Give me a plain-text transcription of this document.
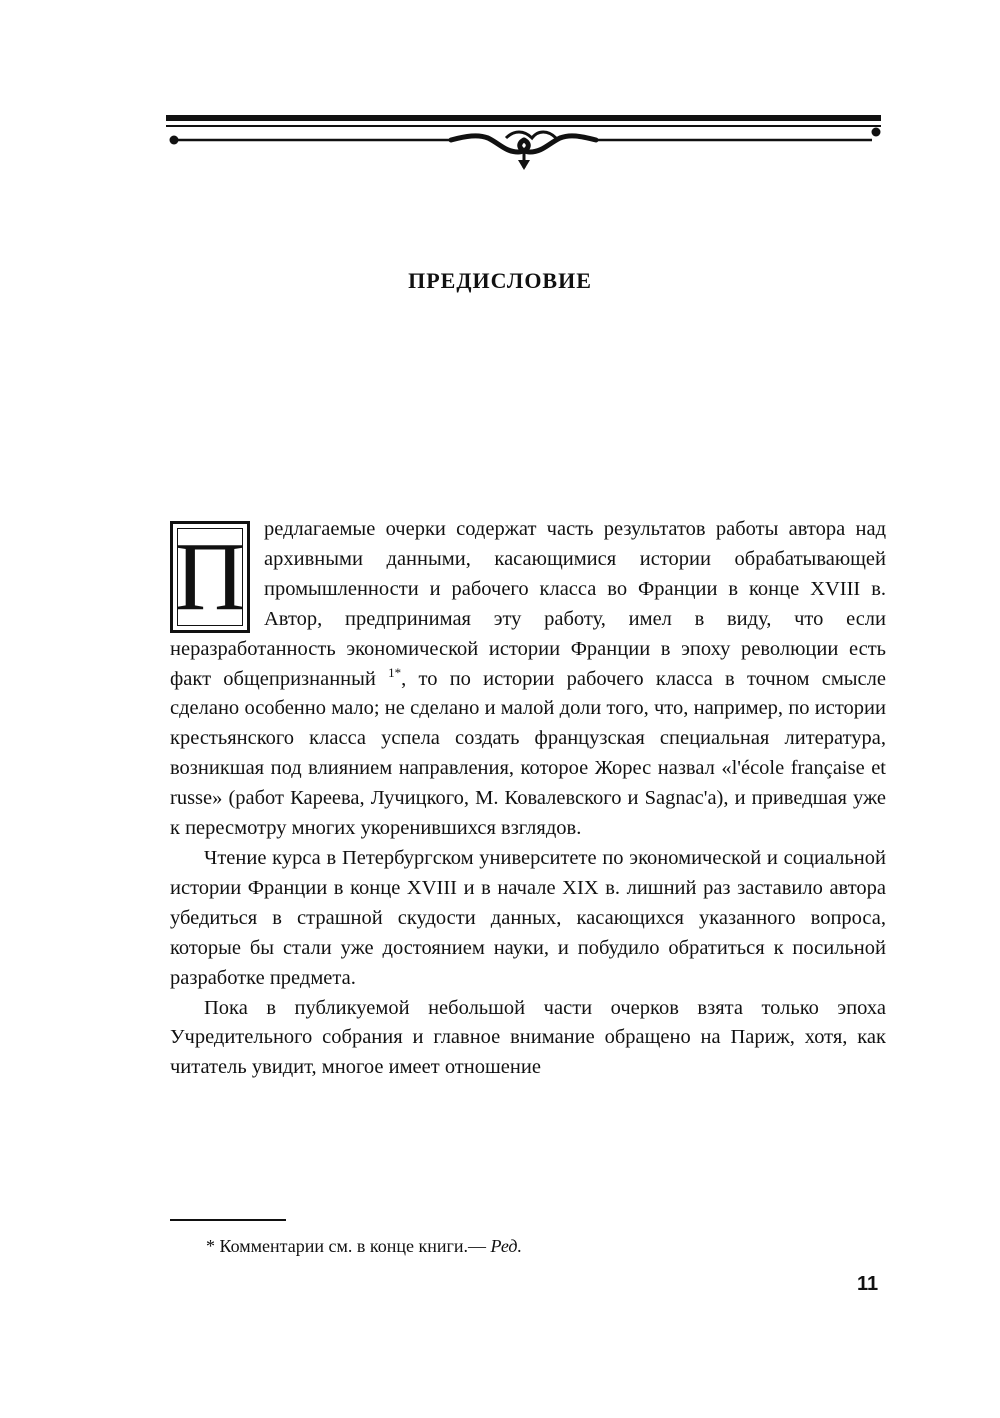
ПРЕДИСЛОВИЕ

П редлагаемые очерки содержат часть результатов работы автора над архивными данными, касающимися истории обрабатывающей промышленности и рабочего класса во Франции в конце XVIII в. Автор, предпринимая эту работу, имел в виду, что если неразработанность экономической истории Франции в эпоху революции есть факт общепризнанный $^{1*}$, то по истории рабочего класса в точном смысле сделано особенно мало; не сделано и малой доли того, что, например, по истории крестьянского класса успела создать французская специальная литература, возникшая под влиянием направления, которое Жорес назвал «l'école française et russe» (работ Кареева, Лучицкого, М. Ковалевского и Sagnac'a), и приведшая уже к пересмотру многих укоренившихся взглядов.

Чтение курса в Петербургском университете по экономической и социальной истории Франции в конце XVIII и в начале XIX в. лишний раз заставило автора убедиться в страшной скудости данных, касающихся указанного вопроса, которые бы стали уже достоянием науки, и побудило обратиться к посильной разработке предмета.

Пока в публикуемой небольшой части очерков взята только эпоха Учредительного собрания и главное внимание обращено на Париж, хотя, как читатель увидит, многое имеет отношение

* Комментарии см. в конце книги.— Ред.
11
